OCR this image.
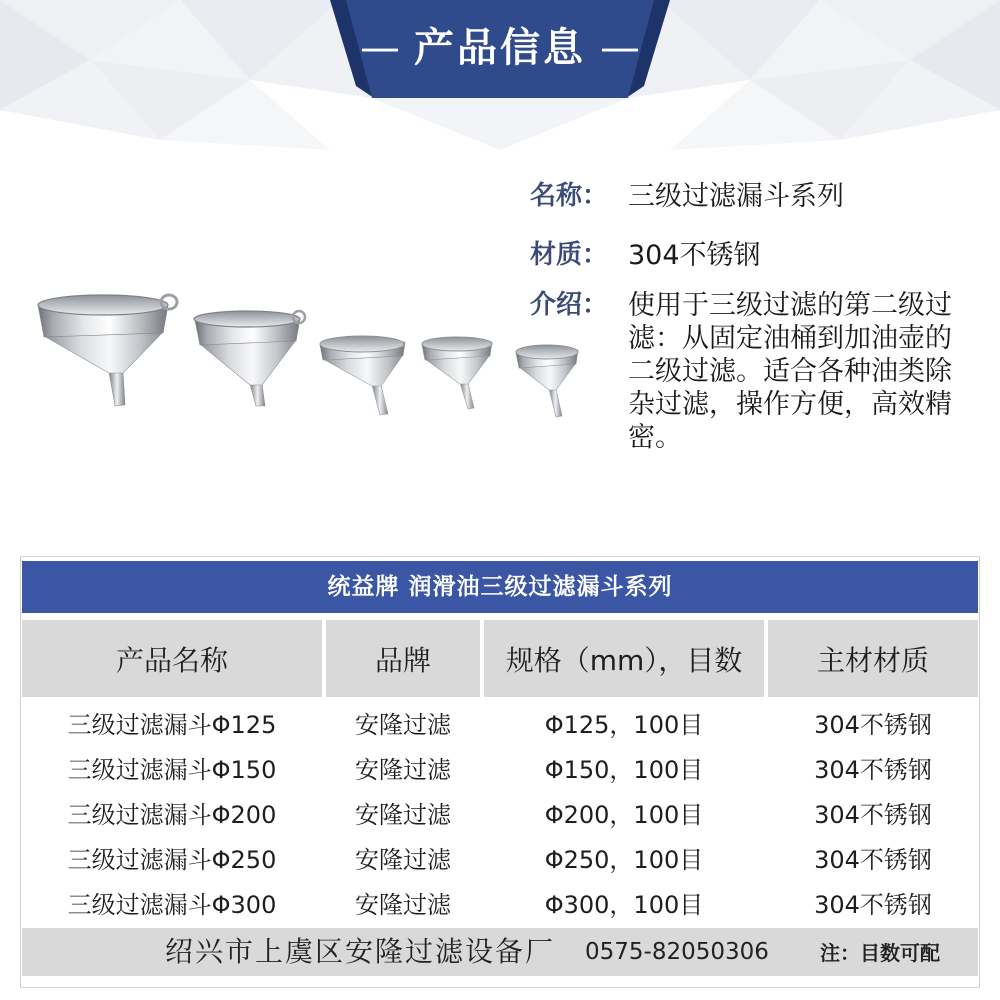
— 产品信息 —
名称： 三级过滤漏斗系列
材质： 304不锈钢
介绍： 使用于三级过滤的第二级过滤：从固定油桶到加油壶的二级过滤。适合各种油类除杂过滤，操作方便，高效精密。
统益牌 润滑油三级过滤漏斗系列
产品名称	品牌	规格（mm），目数	主材材质
三级过滤漏斗Φ125	安隆过滤	Φ125，100目	304不锈钢
三级过滤漏斗Φ150	安隆过滤	Φ150，100目	304不锈钢
三级过滤漏斗Φ200	安隆过滤	Φ200，100目	304不锈钢
三级过滤漏斗Φ250	安隆过滤	Φ250，100目	304不锈钢
三级过滤漏斗Φ300	安隆过滤	Φ300，100目	304不锈钢
绍兴市上虞区安隆过滤设备厂 0575-82050306	注：目数可配
